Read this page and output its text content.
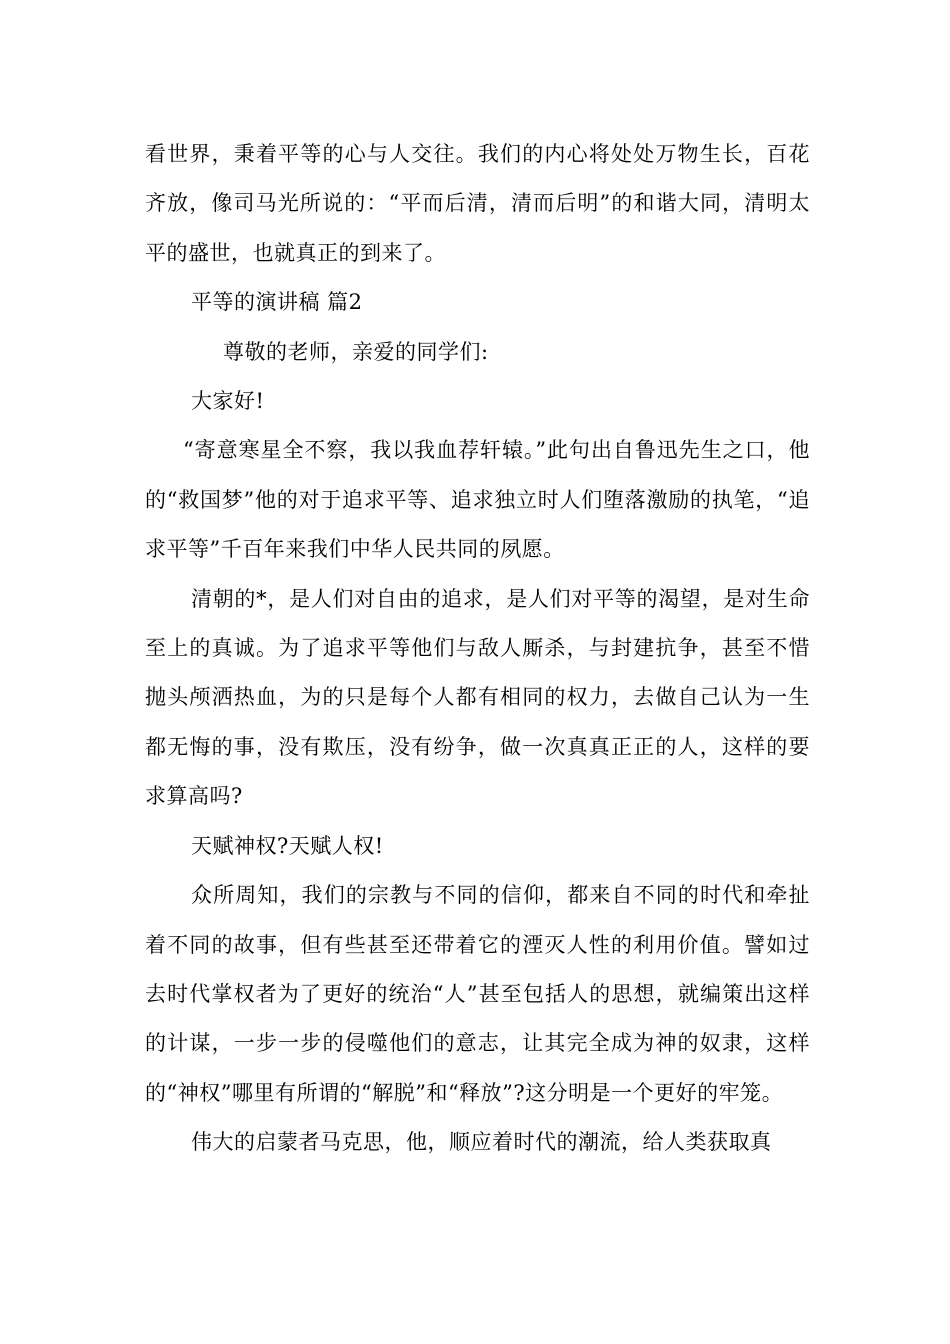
看世界，秉着平等的心与人交往。我们的内心将处处万物生长，百花齐放，像司马光所说的：“平而后清，清而后明”的和谐大同，清明太平的盛世，也就真正的到来了。

平等的演讲稿 篇2

尊敬的老师，亲爱的同学们:

大家好!

“寄意寒星全不察，我以我血荐轩辕。”此句出自鲁迅先生之口，他的“救国梦”他的对于追求平等、追求独立时人们堕落激励的执笔，“追求平等”千百年来我们中华人民共同的夙愿。

清朝的*，是人们对自由的追求，是人们对平等的渴望，是对生命至上的真诚。为了追求平等他们与敌人厮杀，与封建抗争，甚至不惜抛头颅洒热血，为的只是每个人都有相同的权力，去做自己认为一生都无悔的事，没有欺压，没有纷争，做一次真真正正的人，这样的要求算高吗?

天赋神权?天赋人权!

众所周知，我们的宗教与不同的信仰，都来自不同的时代和牵扯着不同的故事，但有些甚至还带着它的湮灭人性的利用价值。譬如过去时代掌权者为了更好的统治“人”甚至包括人的思想，就编策出这样的计谋，一步一步的侵噬他们的意志，让其完全成为神的奴隶，这样的“神权”哪里有所谓的“解脱”和“释放”?这分明是一个更好的牢笼。

伟大的启蒙者马克思，他，顺应着时代的潮流，给人类获取真
